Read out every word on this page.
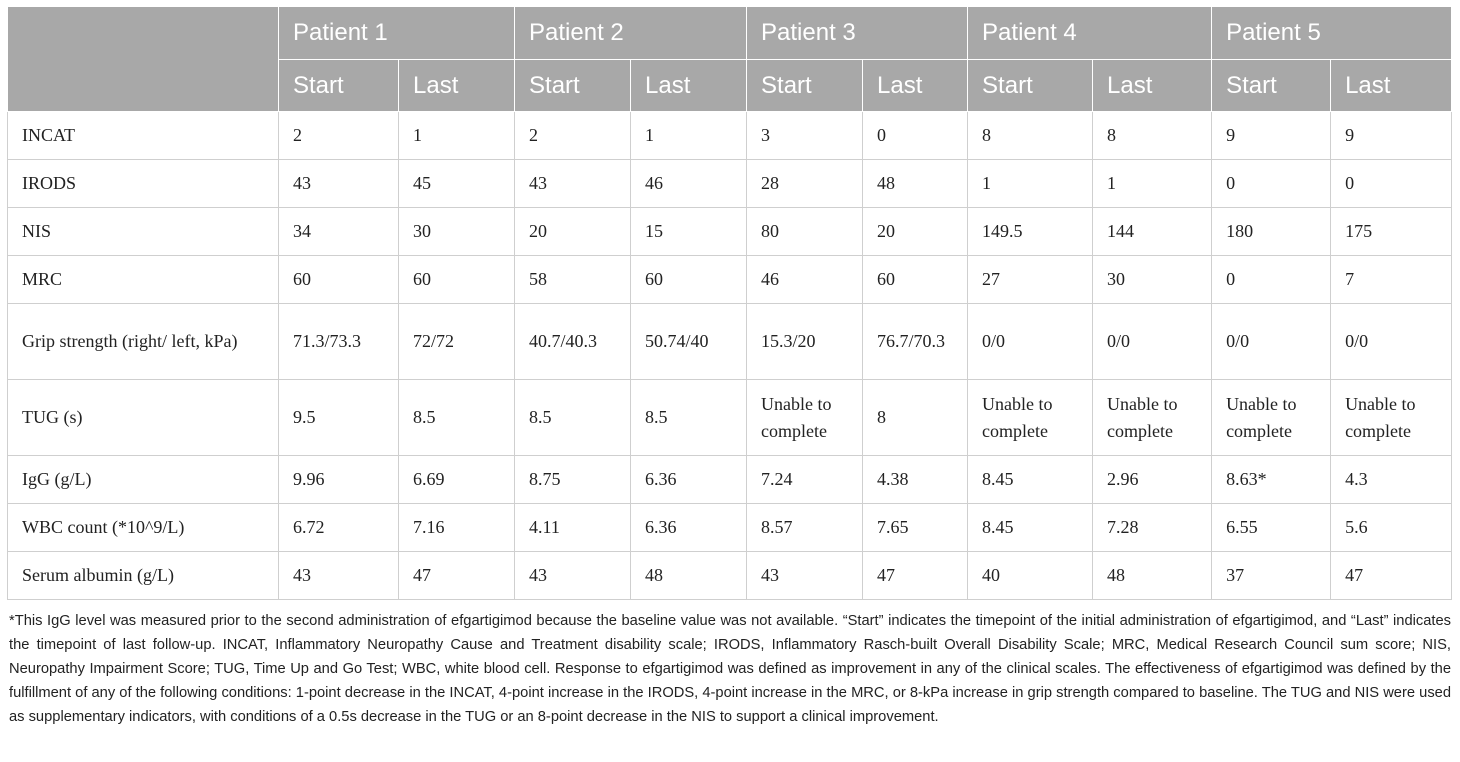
	Patient 1		Patient 2		Patient 3		Patient 4		Patient 5	
	Start	Last	Start	Last	Start	Last	Start	Last	Start	Last
INCAT	2	1	2	1	3	0	8	8	9	9
IRODS	43	45	43	46	28	48	1	1	0	0
NIS	34	30	20	15	80	20	149.5	144	180	175
MRC	60	60	58	60	46	60	27	30	0	7
Grip strength (right/ left, kPa)	71.3/73.3	72/72	40.7/40.3	50.74/40	15.3/20	76.7/70.3	0/0	0/0	0/0	0/0
TUG (s)	9.5	8.5	8.5	8.5	Unable to complete	8	Unable to complete	Unable to complete	Unable to complete	Unable to complete
IgG (g/L)	9.96	6.69	8.75	6.36	7.24	4.38	8.45	2.96	8.63*	4.3
WBC count (*10^9/L)	6.72	7.16	4.11	6.36	8.57	7.65	8.45	7.28	6.55	5.6
Serum albumin (g/L)	43	47	43	48	43	47	40	48	37	47

*This IgG level was measured prior to the second administration of efgartigimod because the baseline value was not available. “Start” indicates the timepoint of the initial administration of efgartigimod, and “Last” indicates the timepoint of last follow-up. INCAT, Inflammatory Neuropathy Cause and Treatment disability scale; IRODS, Inflammatory Rasch-built Overall Disability Scale; MRC, Medical Research Council sum score; NIS, Neuropathy Impairment Score; TUG, Time Up and Go Test; WBC, white blood cell. Response to efgartigimod was defined as improvement in any of the clinical scales. The effectiveness of efgartigimod was defined by the fulfillment of any of the following conditions: 1-point decrease in the INCAT, 4-point increase in the IRODS, 4-point increase in the MRC, or 8-kPa increase in grip strength compared to baseline. The TUG and NIS were used as supplementary indicators, with conditions of a 0.5s decrease in the TUG or an 8-point decrease in the NIS to support a clinical improvement.
